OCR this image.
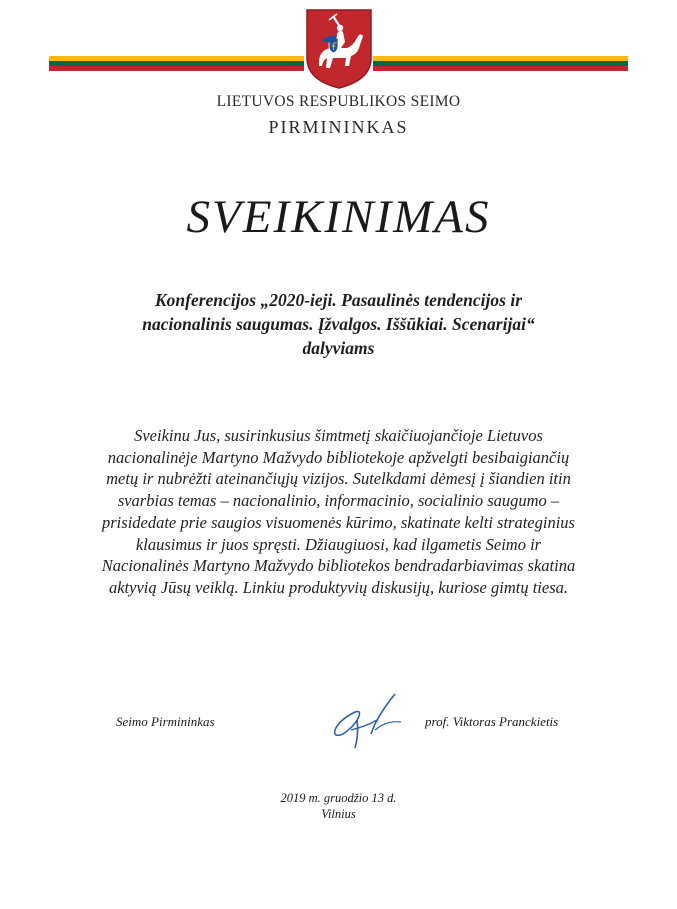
LIETUVOS RESPUBLIKOS SEIMO
PIRMININKAS
SVEIKINIMAS
Konferencijos „2020-ieji. Pasaulinės tendencijos ir nacionalinis saugumas. Įžvalgos. Iššūkiai. Scenarijai“ dalyviams
Sveikinu Jus, susirinkusius šimtmetį skaičiuojančioje Lietuvos nacionalinėje Martyno Mažvydo bibliotekoje apžvelgti besibaigiančių metų ir nubrėžti ateinančiųjų vizijos. Sutelkdami dėmesį į šiandien itin svarbias temas – nacionalinio, informacinio, socialinio saugumo – prisidedate prie saugios visuomenės kūrimo, skatinate kelti strateginius klausimus ir juos spręsti. Džiaugiuosi, kad ilgametis Seimo ir Nacionalinės Martyno Mažvydo bibliotekos bendradarbiavimas skatina aktyvią Jūsų veiklą. Linkiu produktyvių diskusijų, kuriose gimtų tiesa.
Seimo Pirmininkas	prof. Viktoras Pranckietis
2019 m. gruodžio 13 d.
Vilnius
